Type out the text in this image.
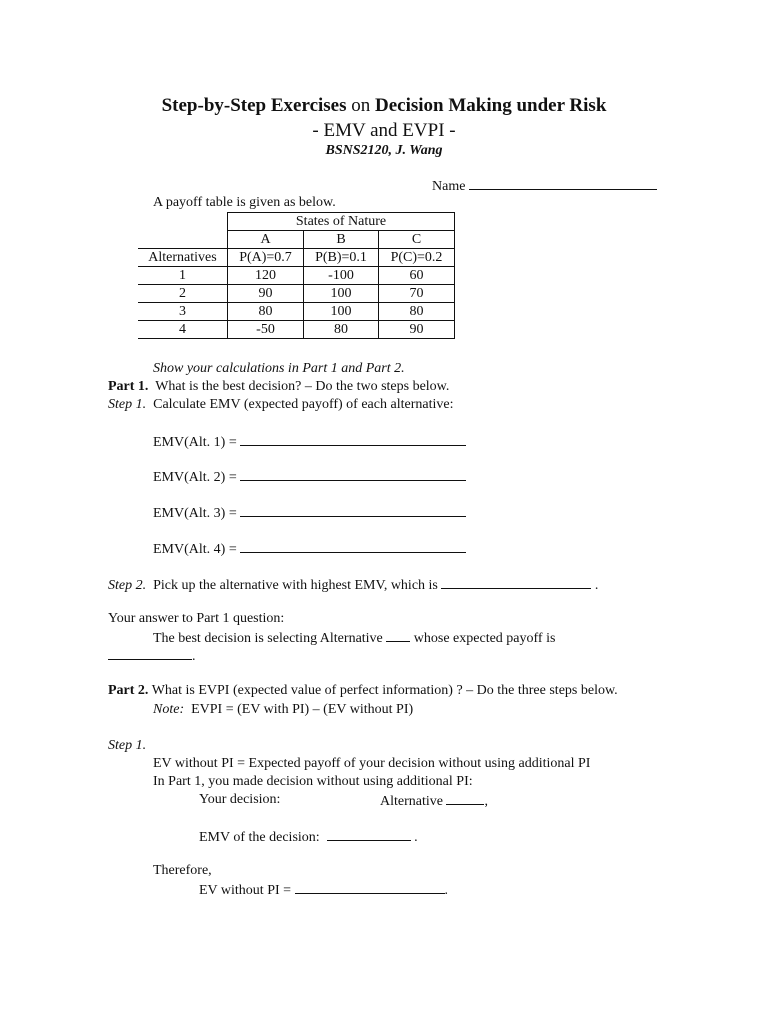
Step-by-Step Exercises on Decision Making under Risk
- EMV and EVPI -
BSNS2120, J. Wang
Name
A payoff table is given as below.
	States of Nature		
	A	B	C
Alternatives	P(A)=0.7	P(B)=0.1	P(C)=0.2
1	120	-100	60
2	90	100	70
3	80	100	80
4	-50	80	90
Show your calculations in Part 1 and Part 2.
Part 1. What is the best decision? – Do the two steps below.
Step 1. Calculate EMV (expected payoff) of each alternative:
EMV(Alt. 1) =
EMV(Alt. 2) =
EMV(Alt. 3) =
EMV(Alt. 4) =
Step 2. Pick up the alternative with highest EMV, which is	.
Your answer to Part 1 question:
The best decision is selecting Alternative whose expected payoff is
.
Part 2. What is EVPI (expected value of perfect information) ? – Do the three steps below.
Note: EVPI = (EV with PI) – (EV without PI)
Step 1.
EV without PI = Expected payoff of your decision without using additional PI
In Part 1, you made decision without using additional PI:
Your decision:	Alternative	,
EMV of the decision:	.
Therefore,
EV without PI =	.
